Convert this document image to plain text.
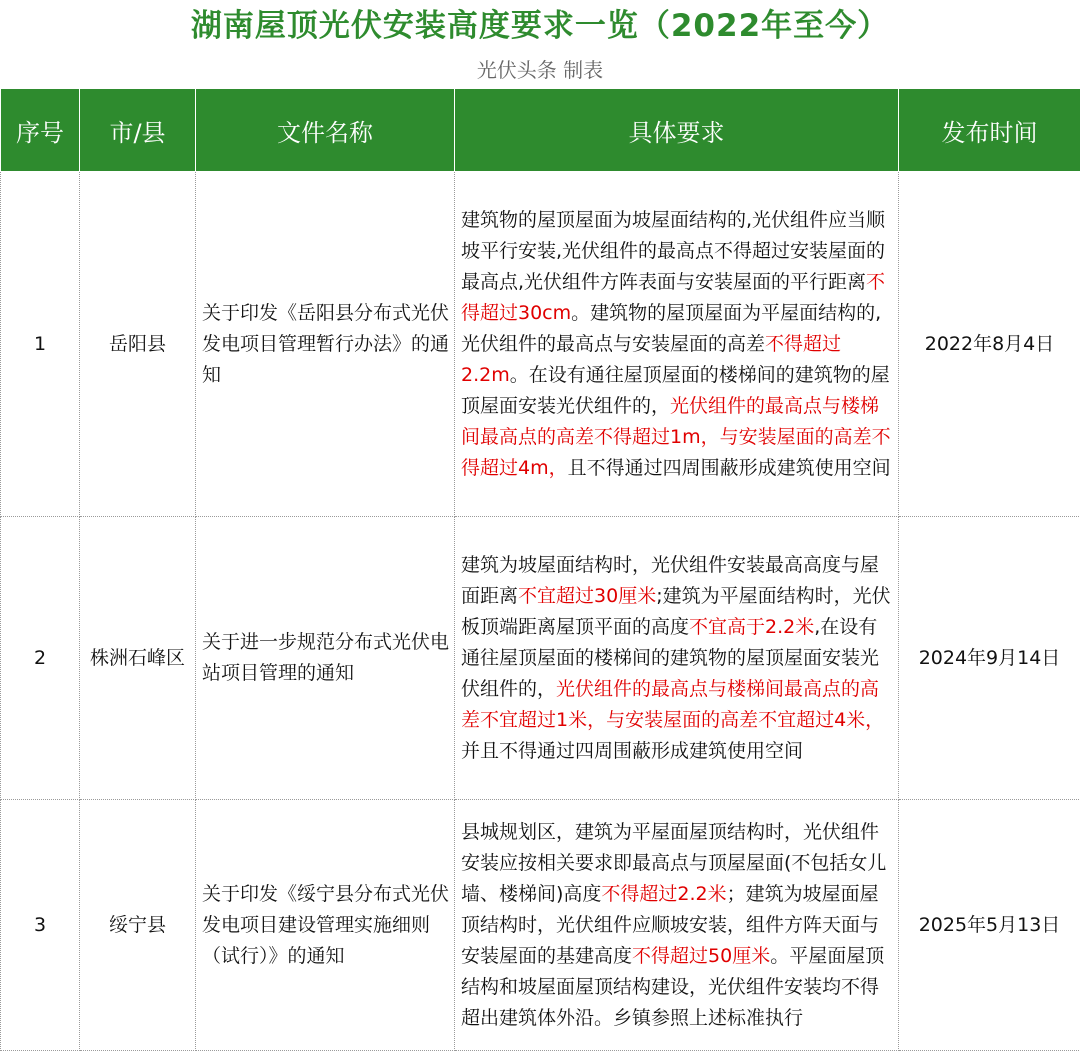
湖南屋顶光伏安装高度要求一览（2022年至今）
光伏头条 制表
序号	市/县	文件名称	具体要求	发布时间
1	岳阳县	关于印发《岳阳县分布式光伏发电项目管理暂行办法》的通知	建筑物的屋顶屋面为坡屋面结构的,光伏组件应当顺坡平行安装,光伏组件的最高点不得超过安装屋面的最高点,光伏组件方阵表面与安装屋面的平行距离不得超过30cm。建筑物的屋顶屋面为平屋面结构的,光伏组件的最高点与安装屋面的高差不得超过2.2m。在设有通往屋顶屋面的楼梯间的建筑物的屋顶屋面安装光伏组件的，光伏组件的最高点与楼梯间最高点的高差不得超过1m，与安装屋面的高差不得超过4m，且不得通过四周围蔽形成建筑使用空间	2022年8月4日
2	株洲石峰区	关于进一步规范分布式光伏电站项目管理的通知	建筑为坡屋面结构时，光伏组件安装最高高度与屋面距离不宜超过30厘米;建筑为平屋面结构时，光伏板顶端距离屋顶平面的高度不宜高于2.2米,在设有通往屋顶屋面的楼梯间的建筑物的屋顶屋面安装光伏组件的，光伏组件的最高点与楼梯间最高点的高差不宜超过1米，与安装屋面的高差不宜超过4米，并且不得通过四周围蔽形成建筑使用空间	2024年9月14日
3	绥宁县	关于印发《绥宁县分布式光伏发电项目建设管理实施细则（试行）》的通知	县城规划区，建筑为平屋面屋顶结构时，光伏组件安装应按相关要求即最高点与顶屋屋面(不包括女儿墙、楼梯间)高度不得超过2.2米；建筑为坡屋面屋顶结构时，光伏组件应顺坡安装，组件方阵天面与安装屋面的基建高度不得超过50厘米。平屋面屋顶结构和坡屋面屋顶结构建设，光伏组件安装均不得超出建筑体外沿。乡镇参照上述标准执行	2025年5月13日
